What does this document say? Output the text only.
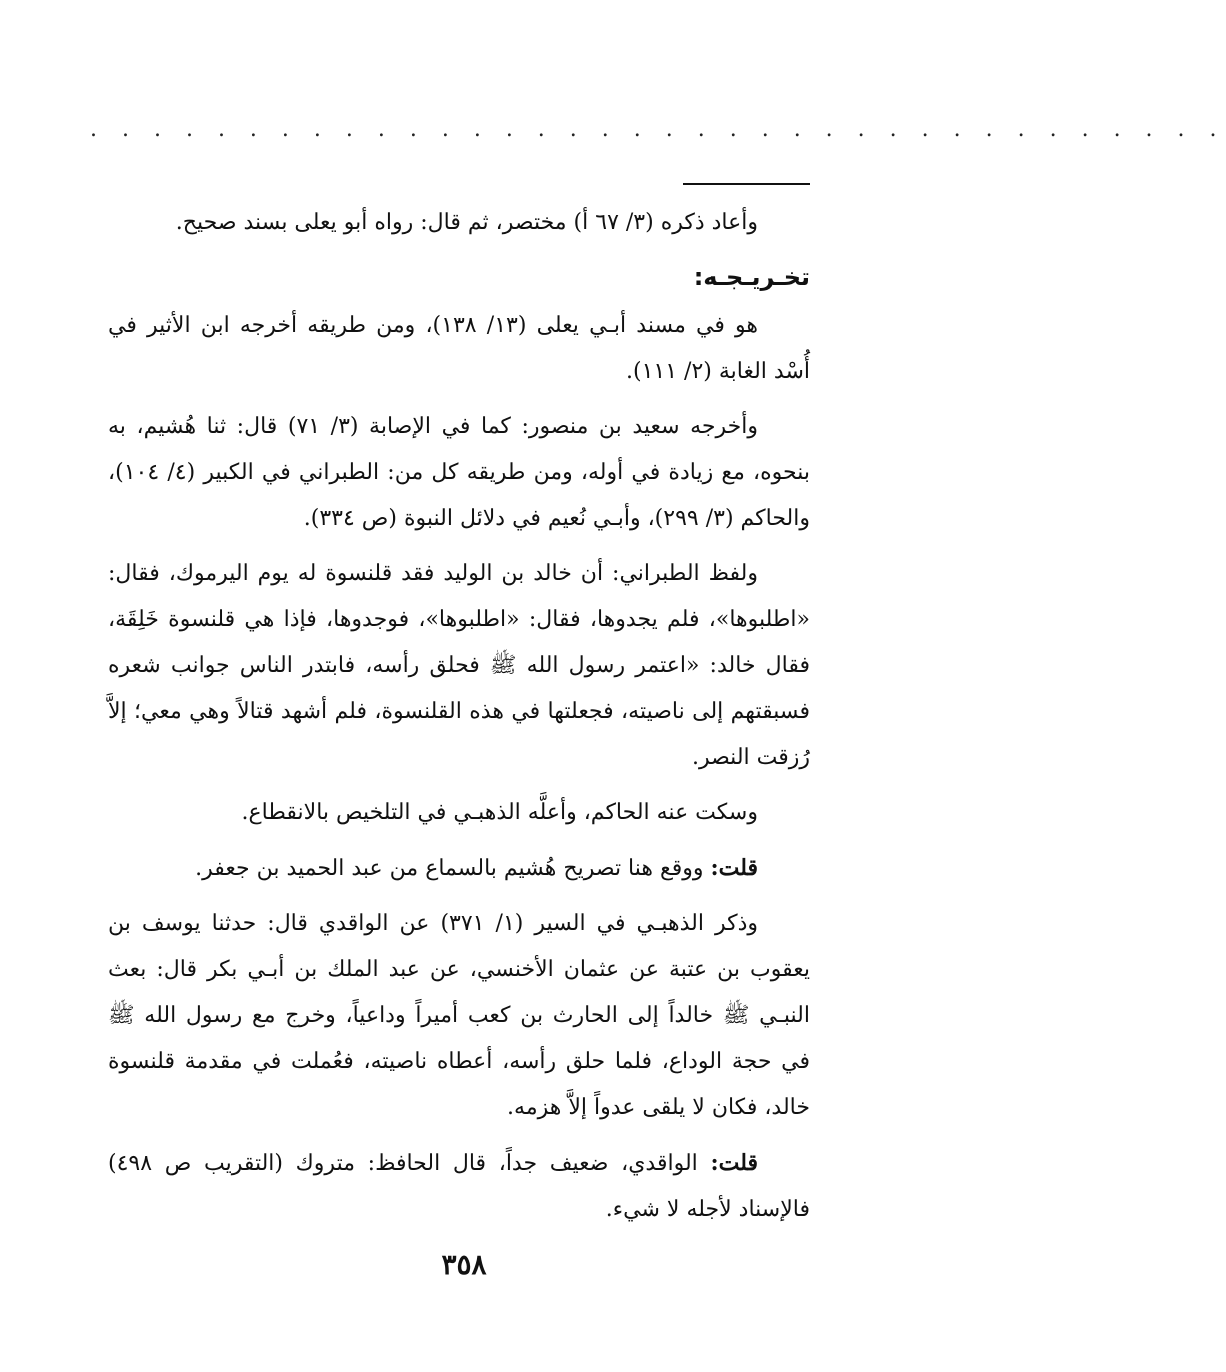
. . . . . . . . . . . . . . . . . . . . . . . . . . . . . . . . . . . .

وأعاد ذكره (٣/ ٦٧ أ) مختصر، ثم قال: رواه أبو يعلى بسند صحيح.

تخـريـجـه:

هو في مسند أبـي يعلى (١٣/ ١٣٨)، ومن طريقه أخرجه ابن الأثير في أُسْد الغابة (٢/ ١١١).

وأخرجه سعيد بن منصور: كما في الإصابة (٣/ ٧١) قال: ثنا هُشيم، به بنحوه، مع زيادة في أوله، ومن طريقه كل من: الطبراني في الكبير (٤/ ١٠٤)، والحاكم (٣/ ٢٩٩)، وأبـي نُعيم في دلائل النبوة (ص ٣٣٤).

ولفظ الطبراني: أن خالد بن الوليد فقد قلنسوة له يوم اليرموك، فقال: «اطلبوها»، فلم يجدوها، فقال: «اطلبوها»، فوجدوها، فإذا هي قلنسوة خَلِقَة، فقال خالد: «اعتمر رسول الله ﷺ فحلق رأسه، فابتدر الناس جوانب شعره فسبقتهم إلى ناصيته، فجعلتها في هذه القلنسوة، فلم أشهد قتالاً وهي معي؛ إلاَّ رُزقت النصر.

وسكت عنه الحاكم، وأعلَّه الذهبـي في التلخيص بالانقطاع.

قلت: ووقع هنا تصريح هُشيم بالسماع من عبد الحميد بن جعفر.

وذكر الذهبـي في السير (١/ ٣٧١) عن الواقدي قال: حدثنا يوسف بن يعقوب بن عتبة عن عثمان الأخنسي، عن عبد الملك بن أبـي بكر قال: بعث النبـي ﷺ خالداً إلى الحارث بن كعب أميراً وداعياً، وخرج مع رسول الله ﷺ في حجة الوداع، فلما حلق رأسه، أعطاه ناصيته، فعُملت في مقدمة قلنسوة خالد، فكان لا يلقى عدواً إلاَّ هزمه.

قلت: الواقدي، ضعيف جداً، قال الحافظ: متروك (التقريب ص ٤٩٨) فالإسناد لأجله لا شيء.

٣٥٨
